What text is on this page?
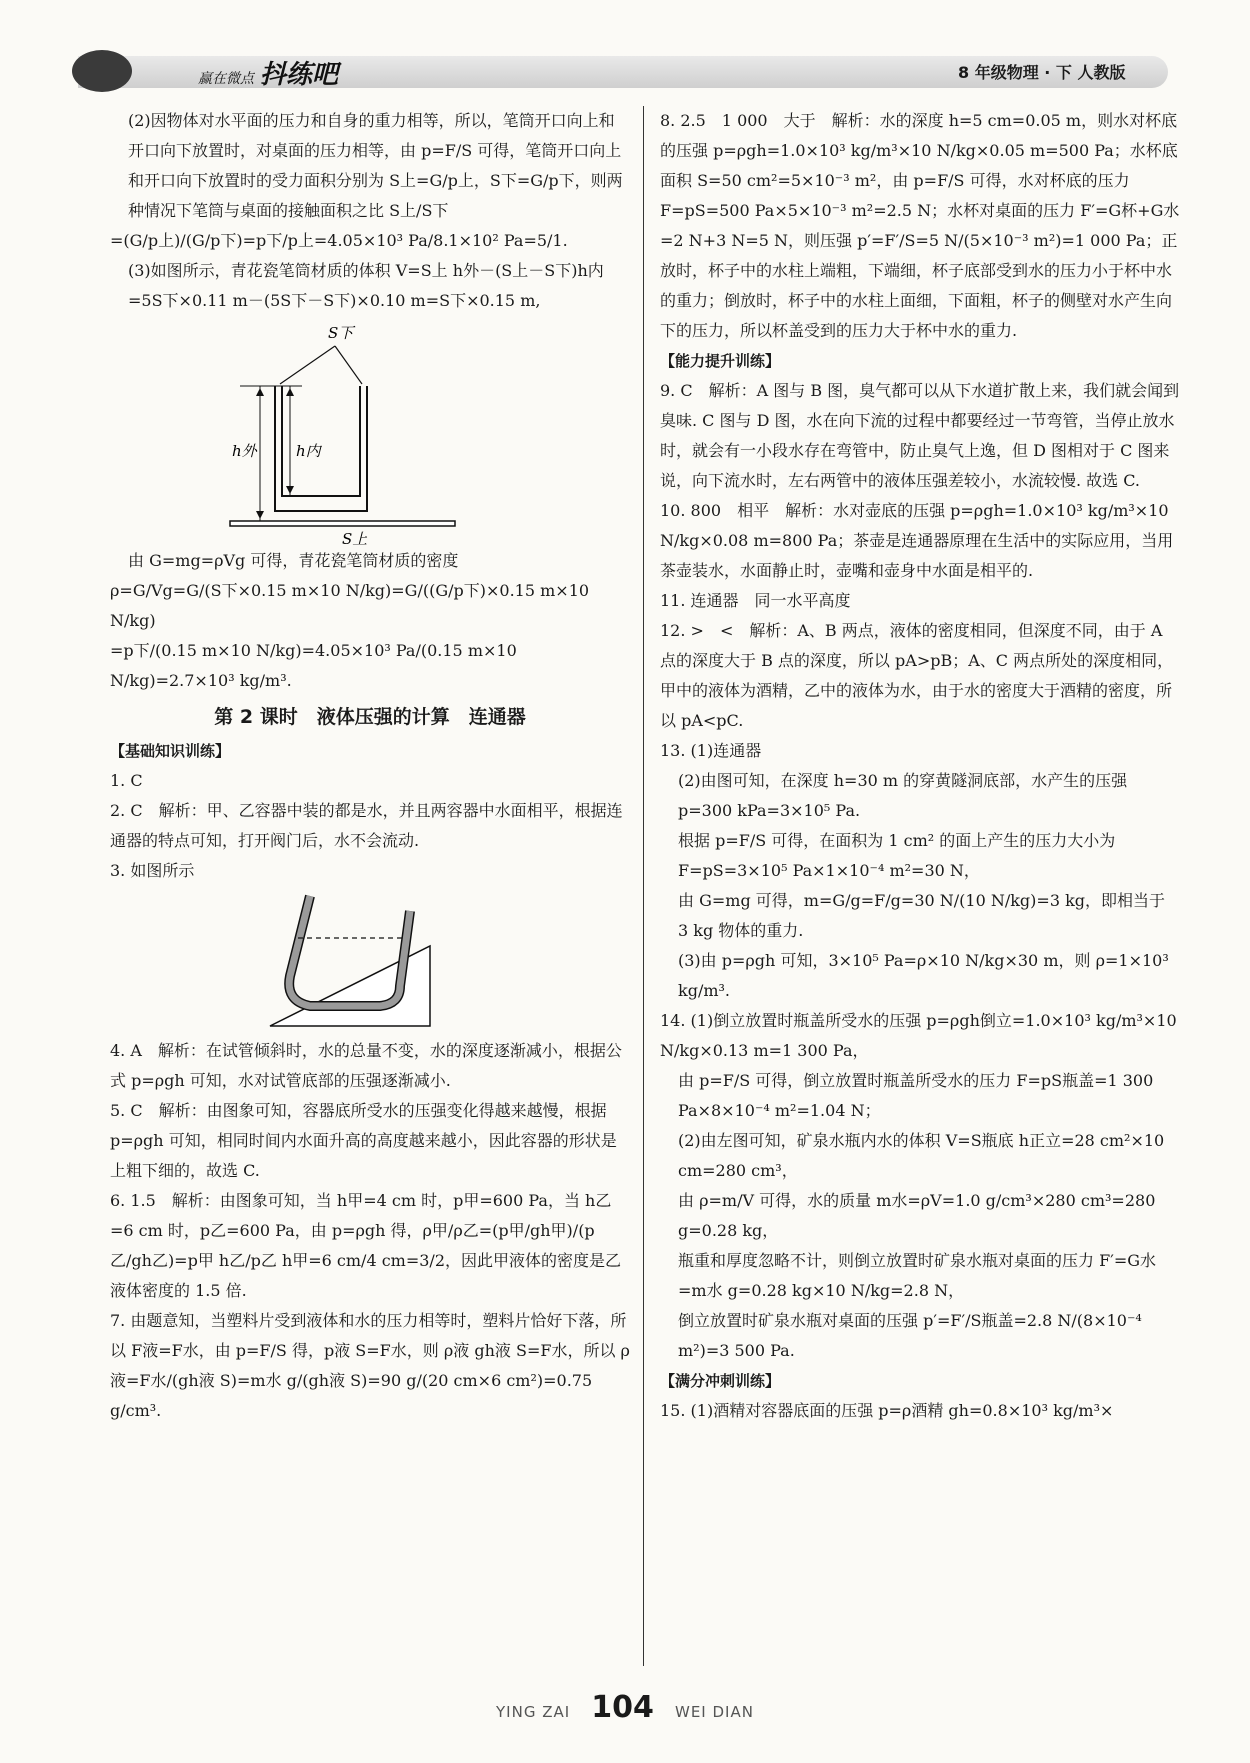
赢在微点 抖练吧	8 年级物理 · 下 人教版

(2)因物体对水平面的压力和自身的重力相等，所以，笔筒开口向上和开口向下放置时，对桌面的压力相等，由 p=F/S 可得，笔筒开口向上和开口向下放置时的受力面积分别为 S上=G/p上，S下=G/p下，则两种情况下笔筒与桌面的接触面积之比 S上/S下

=(G/p上)/(G/p下)=p下/p上=4.05×10³ Pa/8.1×10² Pa=5/1.

(3)如图所示，青花瓷笔筒材质的体积 V=S上 h外－(S上－S下)h内=5S下×0.11 m－(5S下－S下)×0.10 m=S下×0.15 m,

S下
h外	h内
S上

由 G=mg=ρVg 可得，青花瓷笔筒材质的密度

ρ=G/Vg=G/(S下×0.15 m×10 N/kg)=G/((G/p下)×0.15 m×10 N/kg)

=p下/(0.15 m×10 N/kg)=4.05×10³ Pa/(0.15 m×10 N/kg)=2.7×10³ kg/m³.

第 2 课时　液体压强的计算　连通器

【基础知识训练】

1. C

2. C　解析：甲、乙容器中装的都是水，并且两容器中水面相平，根据连通器的特点可知，打开阀门后，水不会流动.

3. 如图所示

4. A　解析：在试管倾斜时，水的总量不变，水的深度逐渐减小，根据公式 p=ρgh 可知，水对试管底部的压强逐渐减小.

5. C　解析：由图象可知，容器底所受水的压强变化得越来越慢，根据 p=ρgh 可知，相同时间内水面升高的高度越来越小，因此容器的形状是上粗下细的，故选 C.

6. 1.5　解析：由图象可知，当 h甲=4 cm 时，p甲=600 Pa，当 h乙=6 cm 时，p乙=600 Pa，由 p=ρgh 得，ρ甲/ρ乙=(p甲/gh甲)/(p乙/gh乙)=p甲 h乙/p乙 h甲=6 cm/4 cm=3/2，因此甲液体的密度是乙液体密度的 1.5 倍.

7. 由题意知，当塑料片受到液体和水的压力相等时，塑料片恰好下落，所以 F液=F水，由 p=F/S 得，p液 S=F水，则 ρ液 gh液 S=F水，所以 ρ液=F水/(gh液 S)=m水 g/(gh液 S)=90 g/(20 cm×6 cm²)=0.75 g/cm³.

8. 2.5　1 000　大于　解析：水的深度 h=5 cm=0.05 m，则水对杯底的压强 p=ρgh=1.0×10³ kg/m³×10 N/kg×0.05 m=500 Pa；水杯底面积 S=50 cm²=5×10⁻³ m²，由 p=F/S 可得，水对杯底的压力 F=pS=500 Pa×5×10⁻³ m²=2.5 N；水杯对桌面的压力 F′=G杯+G水=2 N+3 N=5 N，则压强 p′=F′/S=5 N/(5×10⁻³ m²)=1 000 Pa；正放时，杯子中的水柱上端粗，下端细，杯子底部受到水的压力小于杯中水的重力；倒放时，杯子中的水柱上面细，下面粗，杯子的侧壁对水产生向下的压力，所以杯盖受到的压力大于杯中水的重力.

【能力提升训练】

9. C　解析：A 图与 B 图，臭气都可以从下水道扩散上来，我们就会闻到臭味. C 图与 D 图，水在向下流的过程中都要经过一节弯管，当停止放水时，就会有一小段水存在弯管中，防止臭气上逸，但 D 图相对于 C 图来说，向下流水时，左右两管中的液体压强差较小，水流较慢. 故选 C.

10. 800　相平　解析：水对壶底的压强 p=ρgh=1.0×10³ kg/m³×10 N/kg×0.08 m=800 Pa；茶壶是连通器原理在生活中的实际应用，当用茶壶装水，水面静止时，壶嘴和壶身中水面是相平的.

11. 连通器　同一水平高度

12. >　<　解析：A、B 两点，液体的密度相同，但深度不同，由于 A 点的深度大于 B 点的深度，所以 pA>pB；A、C 两点所处的深度相同，甲中的液体为酒精，乙中的液体为水，由于水的密度大于酒精的密度，所以 pA<pC.

13. (1)连通器

(2)由图可知，在深度 h=30 m 的穿黄隧洞底部，水产生的压强 p=300 kPa=3×10⁵ Pa.

根据 p=F/S 可得，在面积为 1 cm² 的面上产生的压力大小为 F=pS=3×10⁵ Pa×1×10⁻⁴ m²=30 N，

由 G=mg 可得，m=G/g=F/g=30 N/(10 N/kg)=3 kg，即相当于 3 kg 物体的重力.

(3)由 p=ρgh 可知，3×10⁵ Pa=ρ×10 N/kg×30 m，则 ρ=1×10³ kg/m³.

14. (1)倒立放置时瓶盖所受水的压强 p=ρgh倒立=1.0×10³ kg/m³×10 N/kg×0.13 m=1 300 Pa，

由 p=F/S 可得，倒立放置时瓶盖所受水的压力 F=pS瓶盖=1 300 Pa×8×10⁻⁴ m²=1.04 N；

(2)由左图可知，矿泉水瓶内水的体积 V=S瓶底 h正立=28 cm²×10 cm=280 cm³，

由 ρ=m/V 可得，水的质量 m水=ρV=1.0 g/cm³×280 cm³=280 g=0.28 kg，

瓶重和厚度忽略不计，则倒立放置时矿泉水瓶对桌面的压力 F′=G水=m水 g=0.28 kg×10 N/kg=2.8 N，

倒立放置时矿泉水瓶对桌面的压强 p′=F′/S瓶盖=2.8 N/(8×10⁻⁴ m²)=3 500 Pa.

【满分冲刺训练】

15. (1)酒精对容器底面的压强 p=ρ酒精 gh=0.8×10³ kg/m³×

YING ZAI 104 WEI DIAN
